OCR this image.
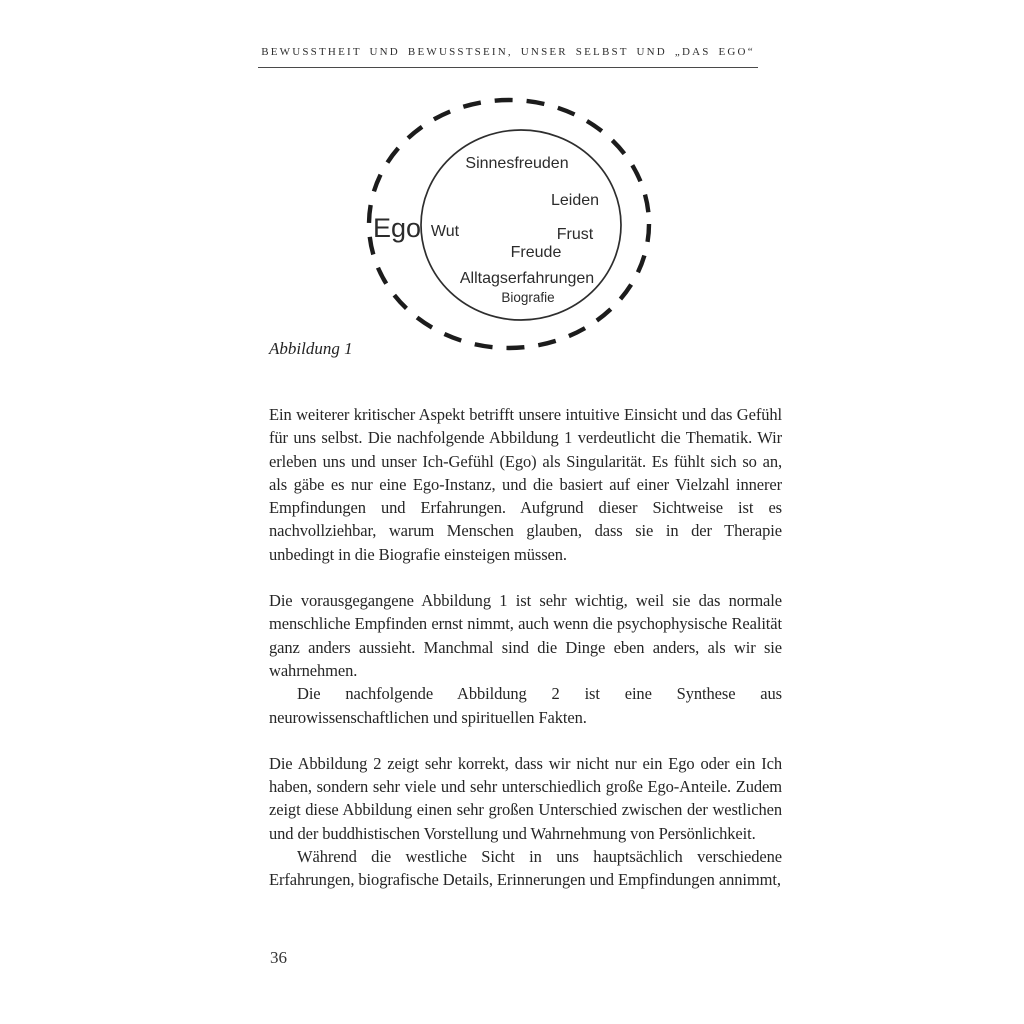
BEWUSSTHEIT UND BEWUSSTSEIN, UNSER SELBST UND „DAS EGO“
Ego
Sinnesfreuden
Leiden
Wut	Frust
Freude
Alltagserfahrungen
Biografie
Abbildung 1

Ein weiterer kritischer Aspekt betrifft unsere intuitive Einsicht und das Gefühl für uns selbst. Die nachfolgende Abbildung 1 verdeutlicht die Thematik. Wir erleben uns und unser Ich-Gefühl (Ego) als Singularität. Es fühlt sich so an, als gäbe es nur eine Ego-Instanz, und die basiert auf einer Vielzahl innerer Empfindungen und Erfahrungen. Aufgrund dieser Sichtweise ist es nachvollziehbar, warum Menschen glauben, dass sie in der Therapie unbedingt in die Biografie einsteigen müssen.

Die vorausgegangene Abbildung 1 ist sehr wichtig, weil sie das normale menschliche Empfinden ernst nimmt, auch wenn die psychophysische Realität ganz anders aussieht. Manchmal sind die Dinge eben anders, als wir sie wahrnehmen.

Die nachfolgende Abbildung 2 ist eine Synthese aus neurowissenschaftlichen und spirituellen Fakten.

Die Abbildung 2 zeigt sehr korrekt, dass wir nicht nur ein Ego oder ein Ich haben, sondern sehr viele und sehr unterschiedlich große Ego-Anteile. Zudem zeigt diese Abbildung einen sehr großen Unterschied zwischen der westlichen und der buddhistischen Vorstellung und Wahrnehmung von Persönlichkeit.

Während die westliche Sicht in uns hauptsächlich verschiedene Erfahrungen, biografische Details, Erinnerungen und Empfindungen annimmt,

36
